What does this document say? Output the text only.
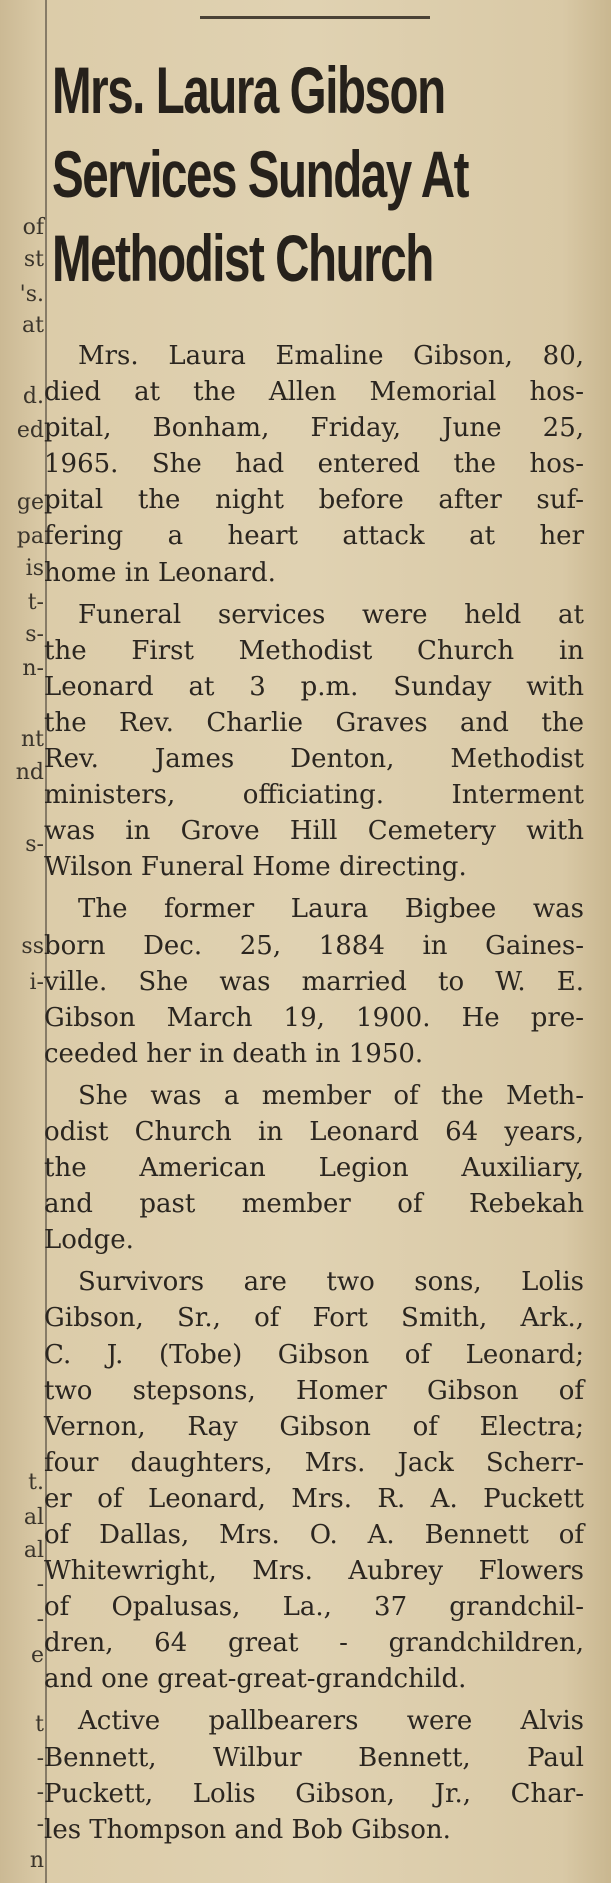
of
st
's.
at
d.
ed
ge
pa
is
t-
s-
n-
nt
nd
s-
ss
i-
t.
al
al
-
-
e
t
-
-
-
n
Mrs. Laura Gibson
Services Sunday At
Methodist Church
Mrs. Laura Emaline Gibson, 80,
died at the Allen Memorial hos-
pital, Bonham, Friday, June 25,
1965. She had entered the hos-
pital the night before after suf-
fering a heart attack at her
home in Leonard.
Funeral services were held at
the First Methodist Church in
Leonard at 3 p.m. Sunday with
the Rev. Charlie Graves and the
Rev. James Denton, Methodist
ministers, officiating. Interment
was in Grove Hill Cemetery with
Wilson Funeral Home directing.
The former Laura Bigbee was
born Dec. 25, 1884 in Gaines-
ville. She was married to W. E.
Gibson March 19, 1900. He pre-
ceeded her in death in 1950.
She was a member of the Meth-
odist Church in Leonard 64 years,
the American Legion Auxiliary,
and past member of Rebekah
Lodge.
Survivors are two sons, Lolis
Gibson, Sr., of Fort Smith, Ark.,
C. J. (Tobe) Gibson of Leonard;
two stepsons, Homer Gibson of
Vernon, Ray Gibson of Electra;
four daughters, Mrs. Jack Scherr-
er of Leonard, Mrs. R. A. Puckett
of Dallas, Mrs. O. A. Bennett of
Whitewright, Mrs. Aubrey Flowers
of Opalusas, La., 37 grandchil-
dren, 64 great - grandchildren,
and one great-great-grandchild.
Active pallbearers were Alvis
Bennett, Wilbur Bennett, Paul
Puckett, Lolis Gibson, Jr., Char-
les Thompson and Bob Gibson.
